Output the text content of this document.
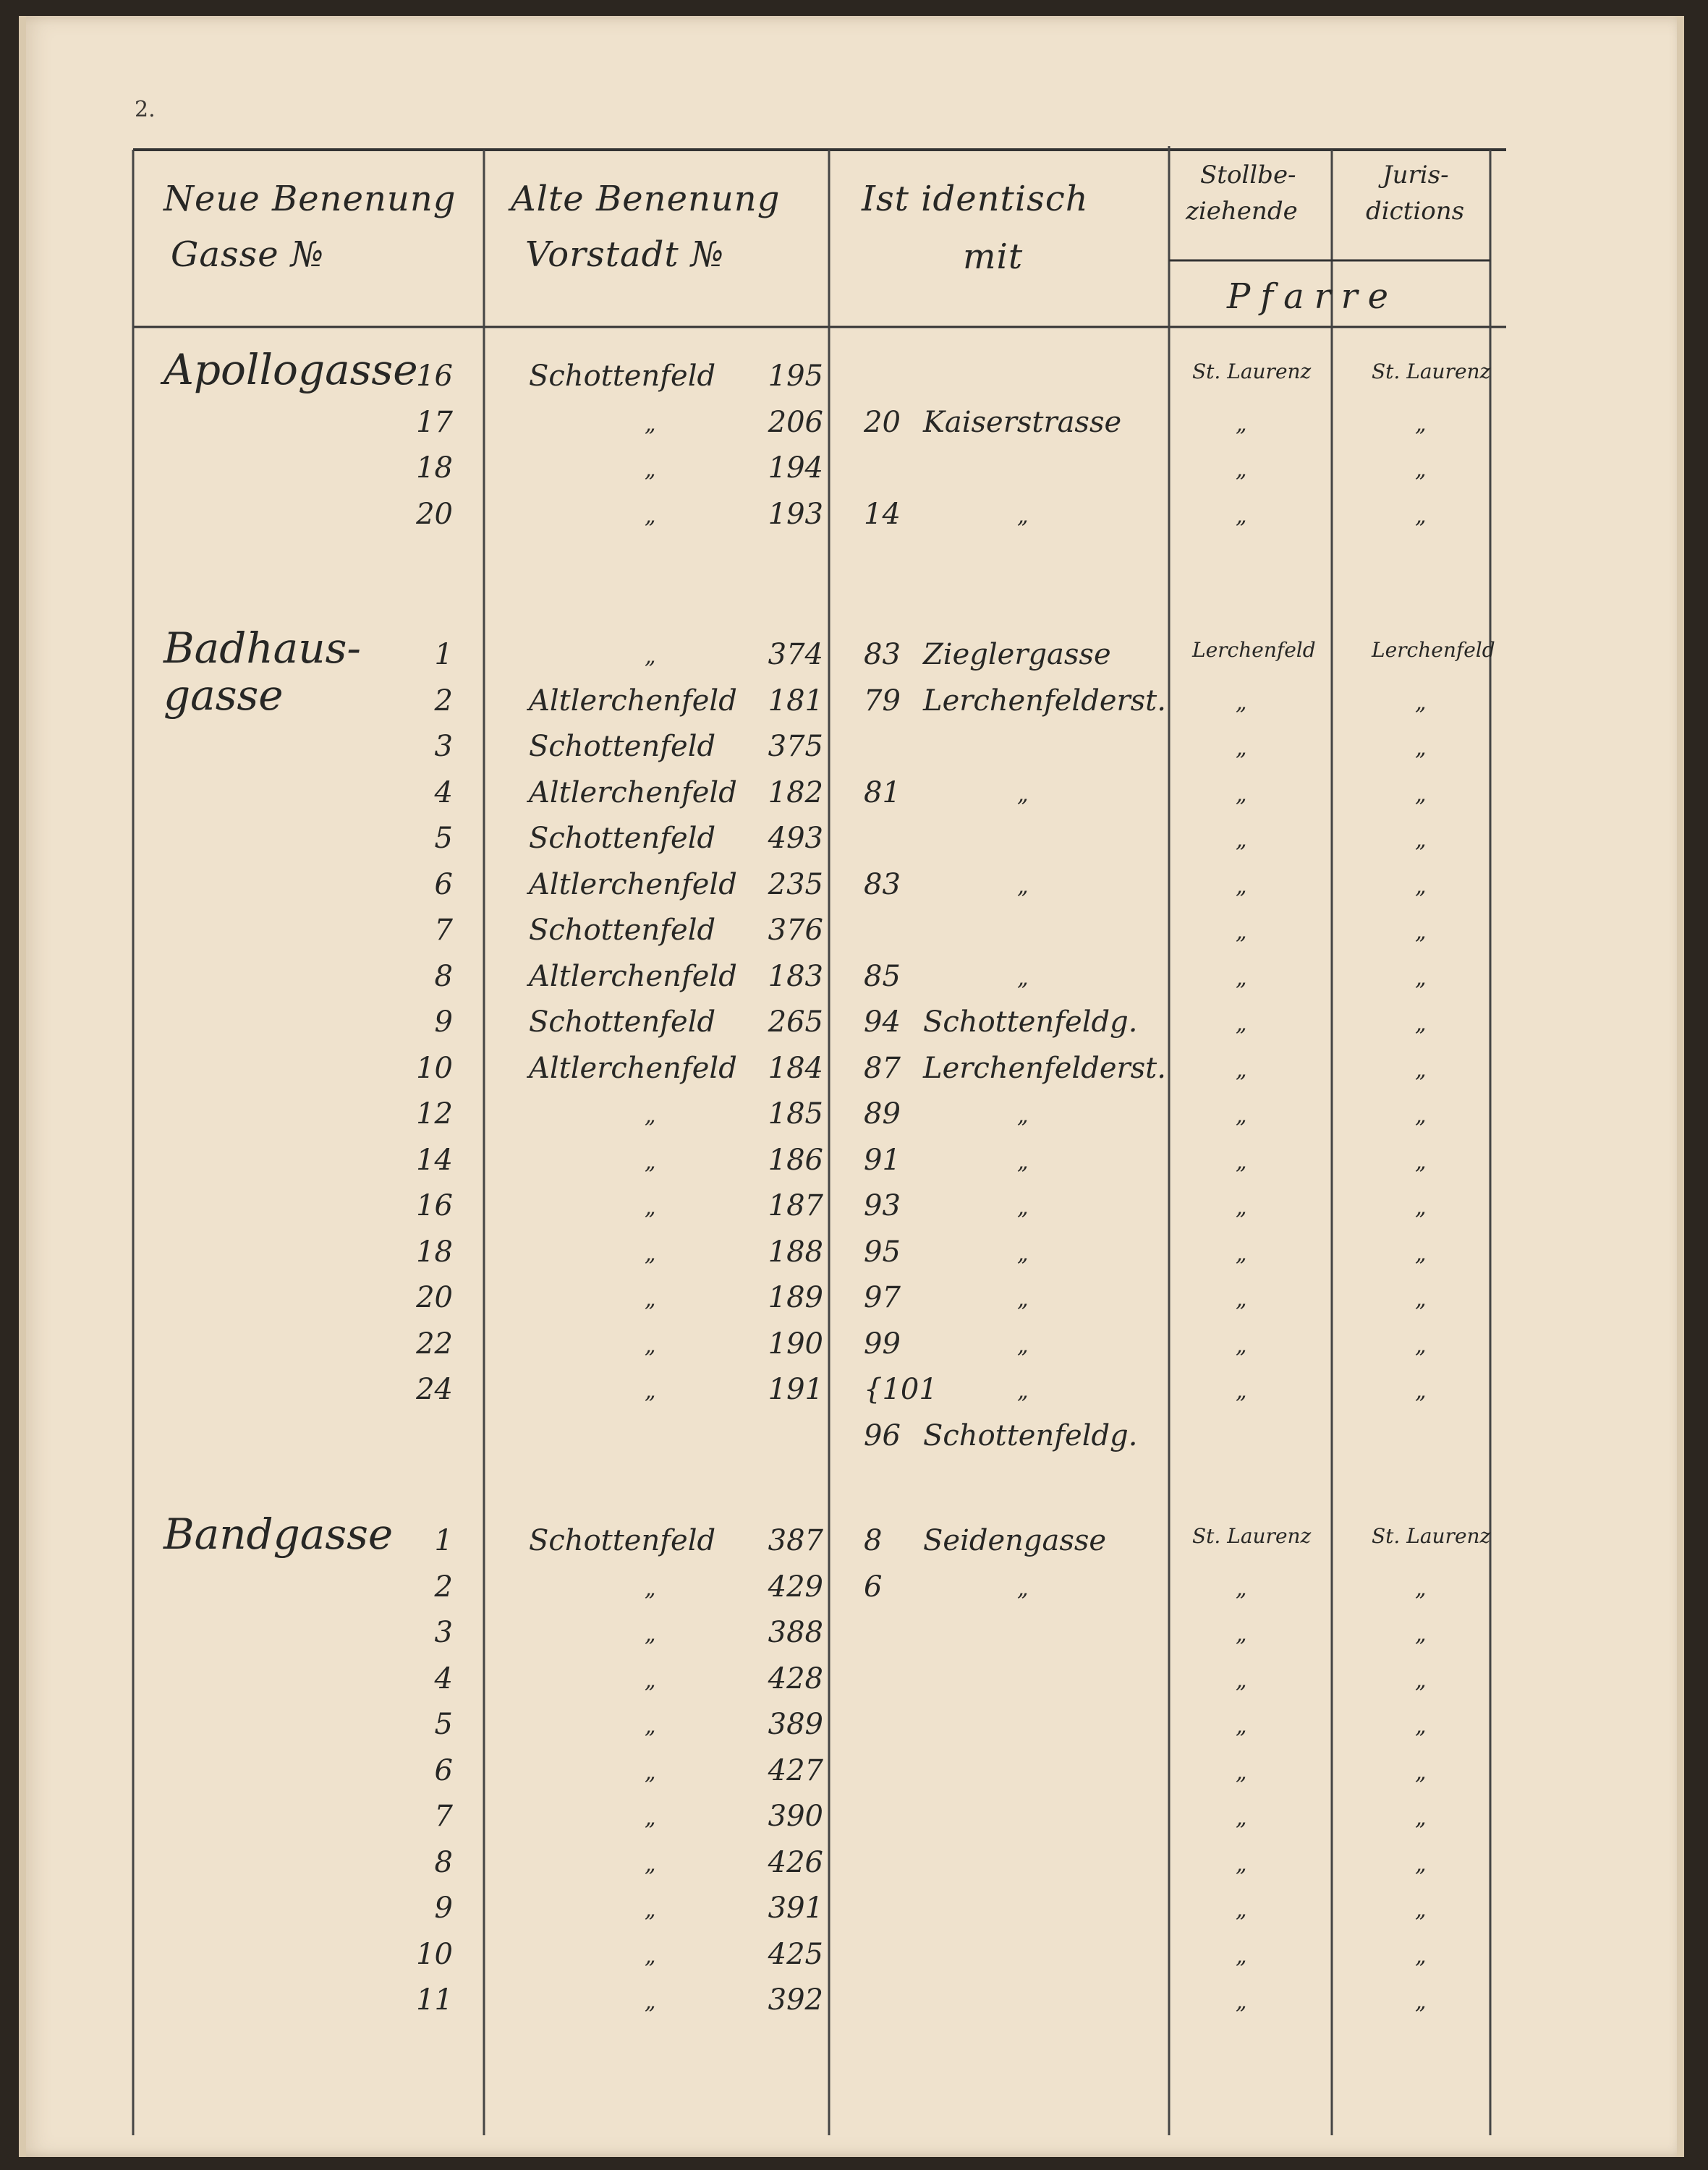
2.
Neue Benenung
Gasse №
Alte Benenung
Vorstadt №
Ist identisch
mit
Stollbe-
ziehende
Juris-
dictions
Pfarre
Apollogasse
16	Schottenfeld 195	St. Laurenz	St. Laurenz
17	„	206 20 Kaiserstrasse	„	„
18	„	194	„	„
20	„	193 14	„	„	„
Badhaus-
gasse
1	„	374 83 Zieglergasse	Lerchenfeld	Lerchenfeld
2	Altlerchenfeld 181 79 Lerchenfelderst.	„	„
3	Schottenfeld 375	„	„
4	Altlerchenfeld 182 81	„	„	„
5	Schottenfeld 493	„	„
6	Altlerchenfeld 235 83	„	„	„
7	Schottenfeld 376	„	„
8	Altlerchenfeld 183 85	„	„	„
9	Schottenfeld 265 94 Schottenfeldg.	„	„
10	Altlerchenfeld 184 87 Lerchenfelderst.	„	„
12	„	185 89	„	„	„
14	„	186 91	„	„	„
16	„	187 93	„	„	„
18	„	188 95	„	„	„
20	„	189 97	„	„	„
22	„	190 99	„	„	„
24	„	191 {101	„	„	„
96 Schottenfeldg.
Bandgasse 1	Schottenfeld 387 8 Seidengasse	St. Laurenz	St. Laurenz
2	„	429 6	„	„	„
3	„	388	„	„
4	„	428	„	„
5	„	389	„	„
6	„	427	„	„
7	„	390	„	„
8	„	426	„	„
9	„	391	„	„
10	„	425	„	„
11	„	392	„	„
